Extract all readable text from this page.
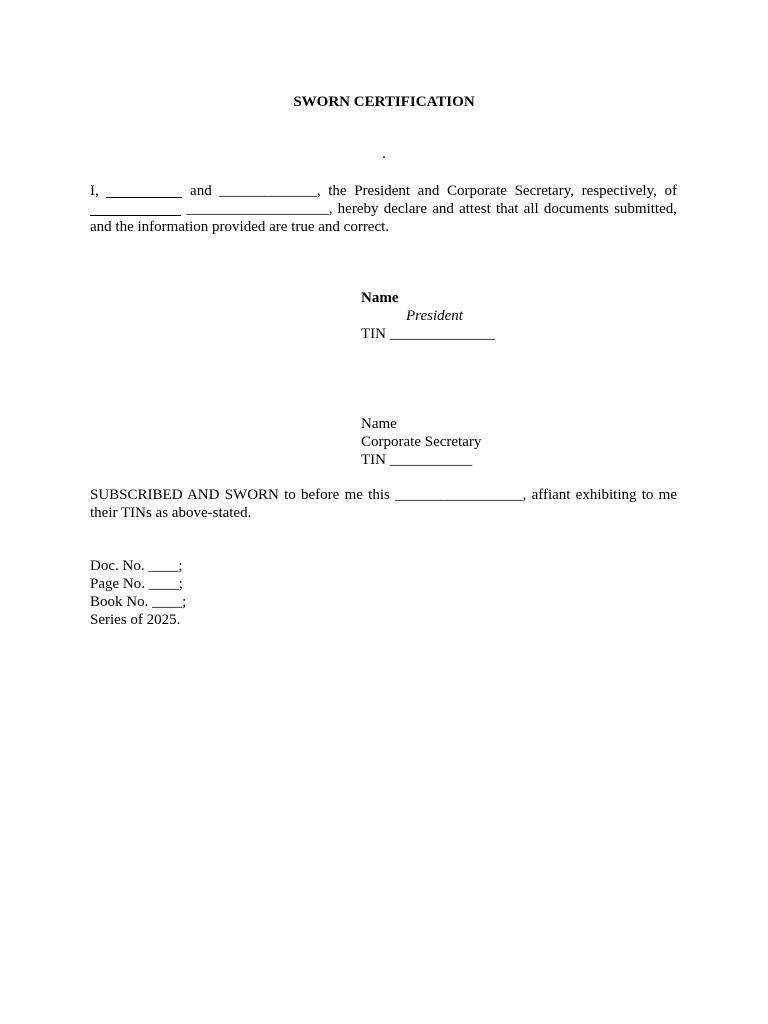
SWORN CERTIFICATION
.

I,	and _____________, the President and Corporate Secretary, respectively, of  ___________________, hereby declare and attest that all documents submitted, and the information provided are true and correct.

Name
President
TIN ______________
Name
Corporate Secretary
TIN ___________

SUBSCRIBED AND SWORN to before me this _________________, affiant exhibiting to me their TINs as above-stated.

Doc. No. ____;
Page No. ____;
Book No. ____;
Series of 2025.
